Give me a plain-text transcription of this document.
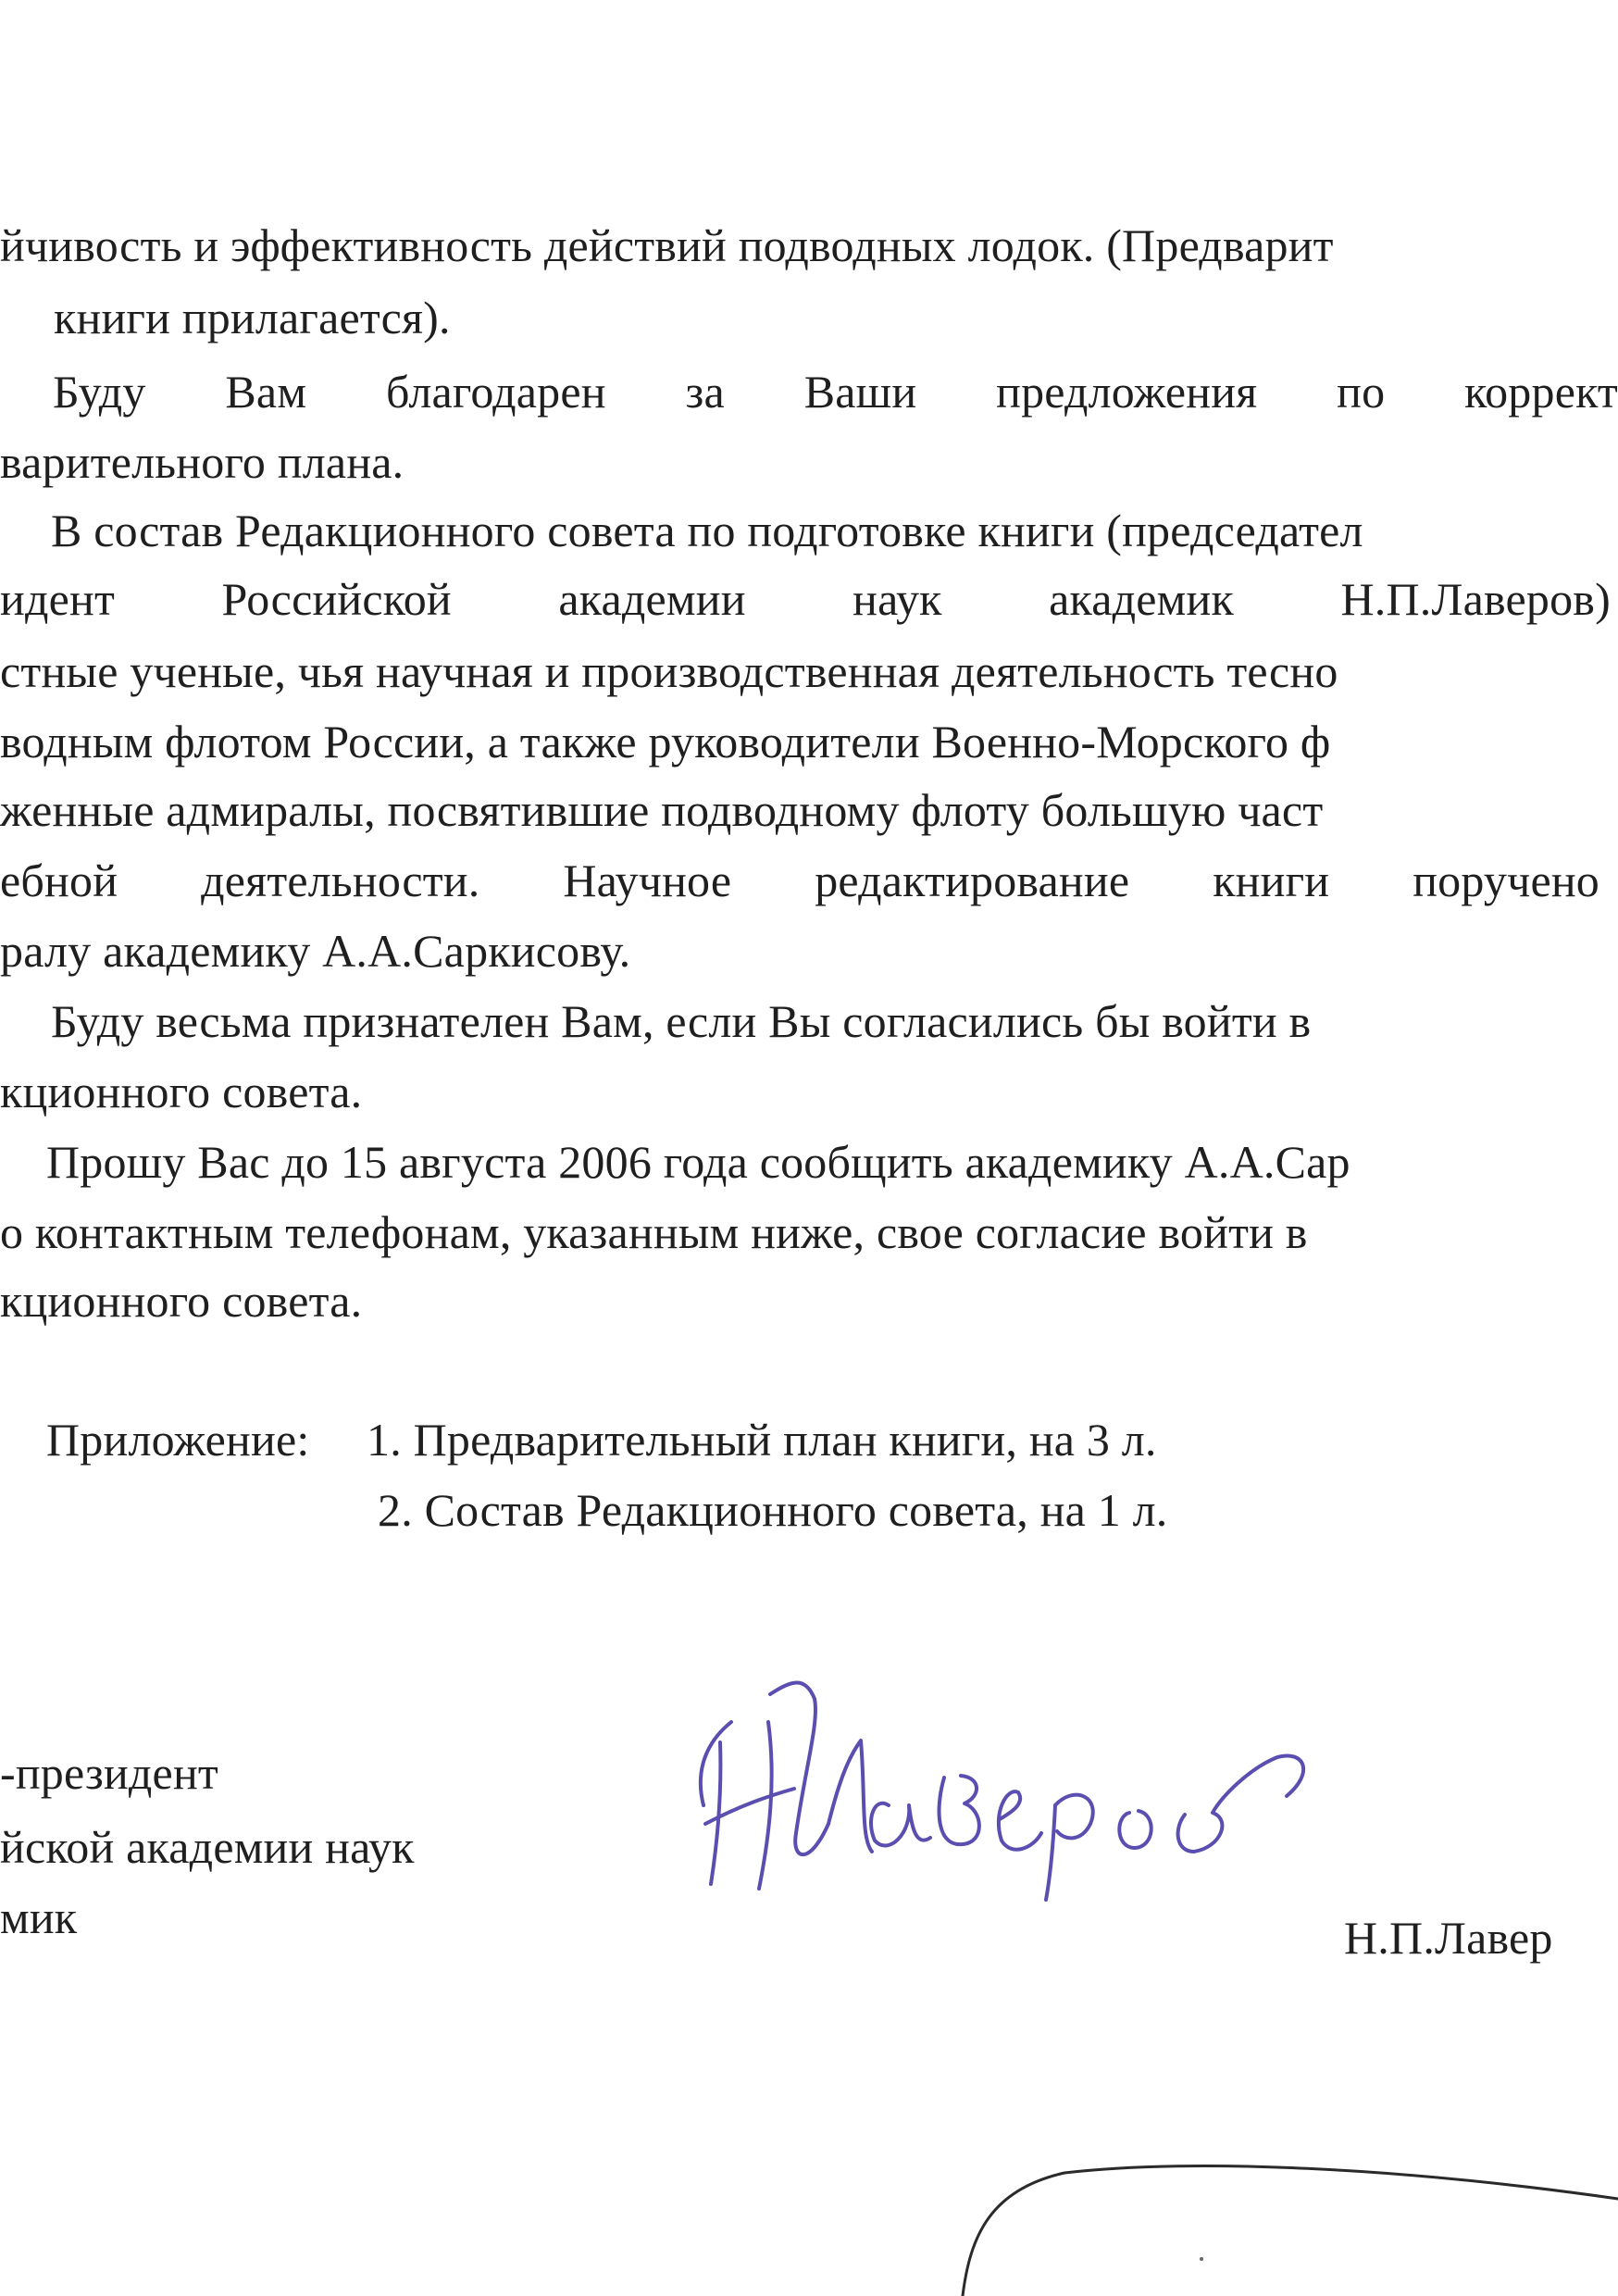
йчивость и эффективность действий подводных лодок. (Предварит

книги прилагается).

Буду Вам благодарен за Ваши предложения по коррект

варительного плана.

В состав Редакционного совета по подготовке книги (председател

идент Российской академии наук академик Н.П.Лаверов)

стные ученые, чья научная и производственная деятельность тесно

водным флотом России, а также руководители Военно-Морского ф

женные адмиралы, посвятившие подводному флоту большую част

ебной деятельности. Научное редактирование книги поручено

ралу академику А.А.Саркисову.

Буду весьма признателен Вам, если Вы согласились бы войти в

кционного совета.

Прошу Вас до 15 августа 2006 года сообщить академику А.А.Сар

о контактным телефонам, указанным ниже, свое согласие войти в

кционного совета.

Приложение: 1. Предварительный план книги, на 3 л.

2. Состав Редакционного совета, на 1 л.

-президент

йской академии наук

мик	Н.П.Лавер
